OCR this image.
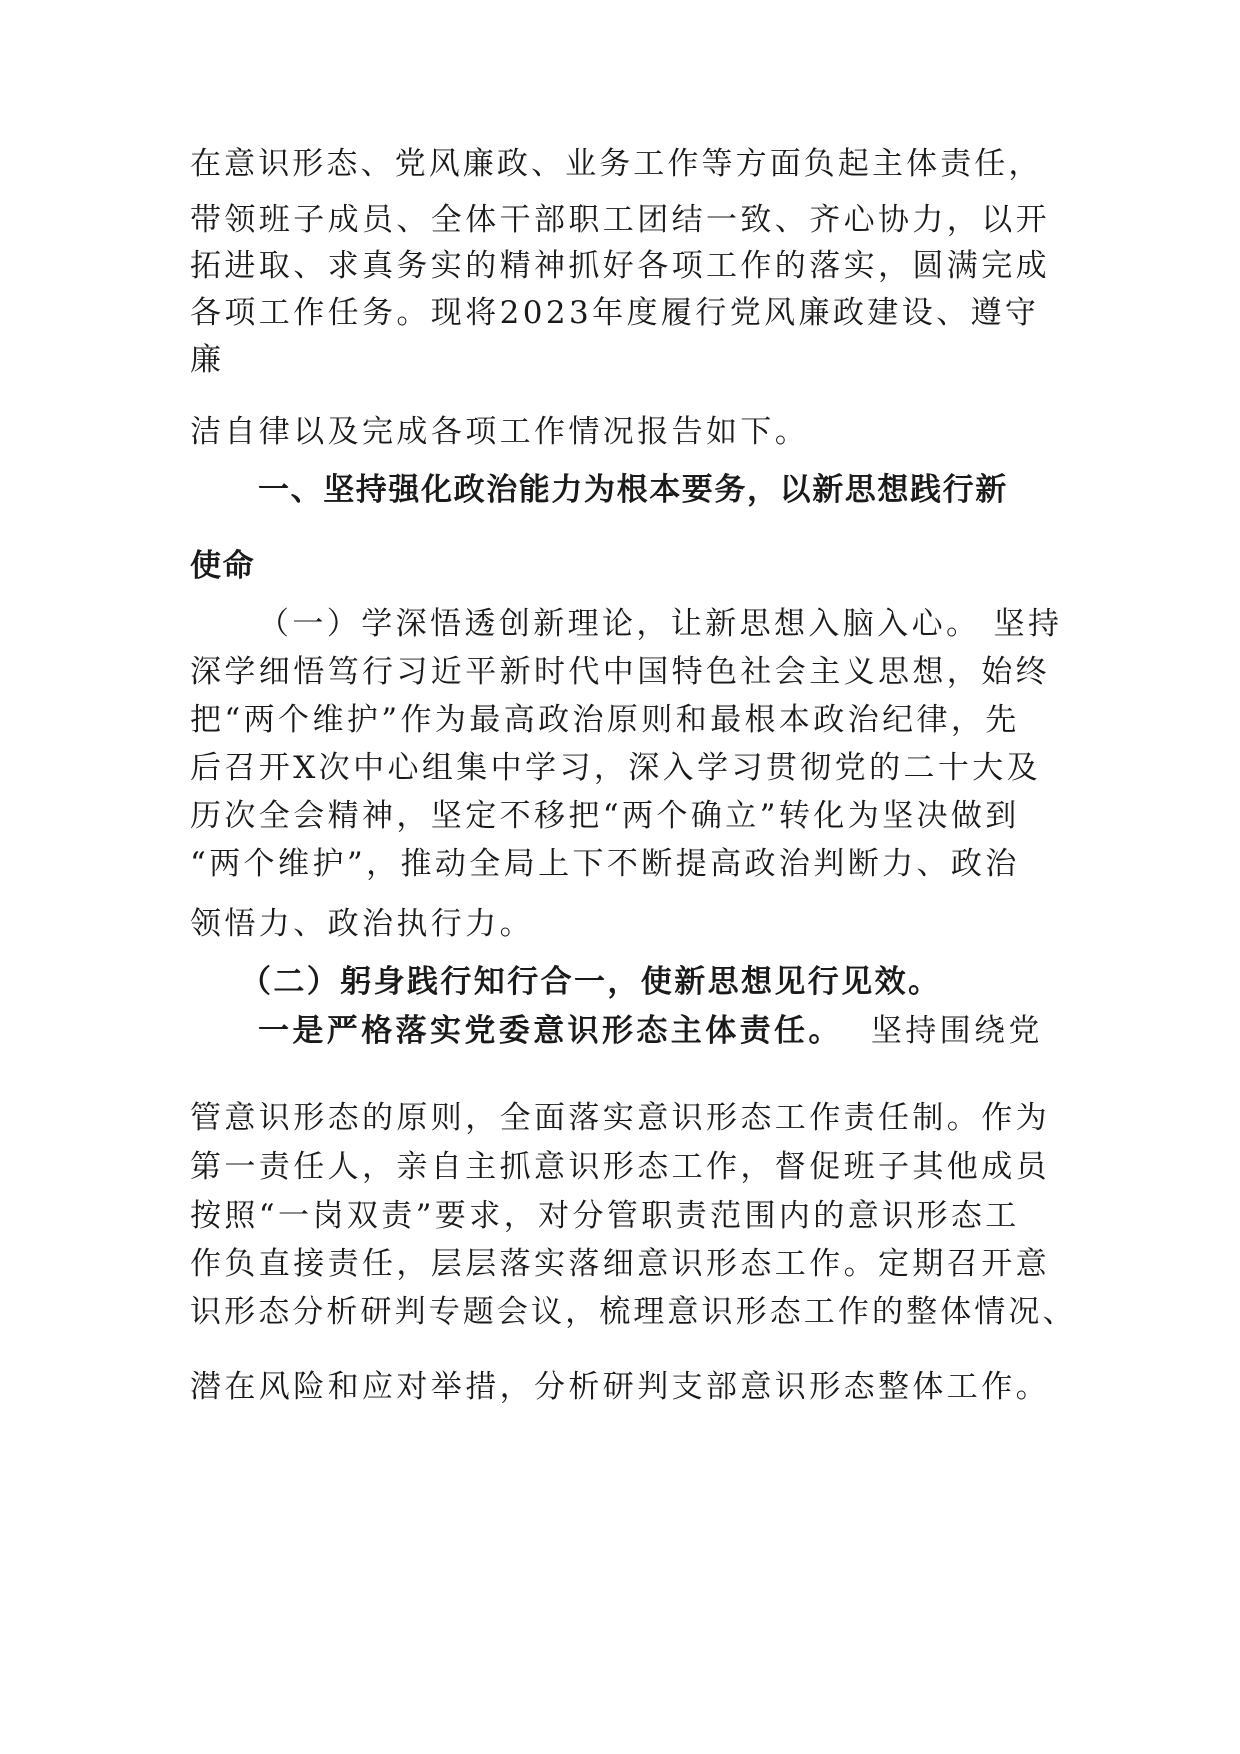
在意识形态、党风廉政、业务工作等方面负起主体责任，
带领班子成员、全体干部职工团结一致、齐心协力，以开
拓进取、求真务实的精神抓好各项工作的落实，圆满完成
各项工作任务。现将2023年度履行党风廉政建设、遵守
廉
洁自律以及完成各项工作情况报告如下。
一、坚持强化政治能力为根本要务，以新思想践行新
使命
（一）学深悟透创新理论，让新思想入脑入心。 坚持
深学细悟笃行习近平新时代中国特色社会主义思想，始终
把“两个维护”作为最高政治原则和最根本政治纪律，先
后召开X次中心组集中学习，深入学习贯彻党的二十大及
历次全会精神，坚定不移把“两个确立”转化为坚决做到
“两个维护”，推动全局上下不断提高政治判断力、政治
领悟力、政治执行力。
（二）躬身践行知行合一，使新思想见行见效。
一是严格落实党委意识形态主体责任。 坚持围绕党
管意识形态的原则，全面落实意识形态工作责任制。作为
第一责任人，亲自主抓意识形态工作，督促班子其他成员
按照“一岗双责”要求，对分管职责范围内的意识形态工
作负直接责任，层层落实落细意识形态工作。定期召开意
识形态分析研判专题会议，梳理意识形态工作的整体情况、
潜在风险和应对举措，分析研判支部意识形态整体工作。
